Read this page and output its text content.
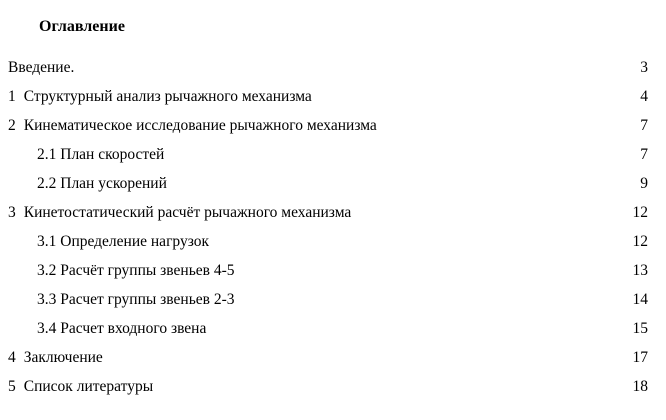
Оглавление
Введение.	3
1 Структурный анализ рычажного механизма	4
2 Кинематическое исследование рычажного механизма	7
2.1 План скоростей	7
2.2 План ускорений	9
3 Кинетостатический расчёт рычажного механизма	12
3.1 Определение нагрузок	12
3.2 Расчёт группы звеньев 4-5	13
3.3 Расчет группы звеньев 2-3	14
3.4 Расчет входного звена	15
4 Заключение	17
5 Список литературы	18
